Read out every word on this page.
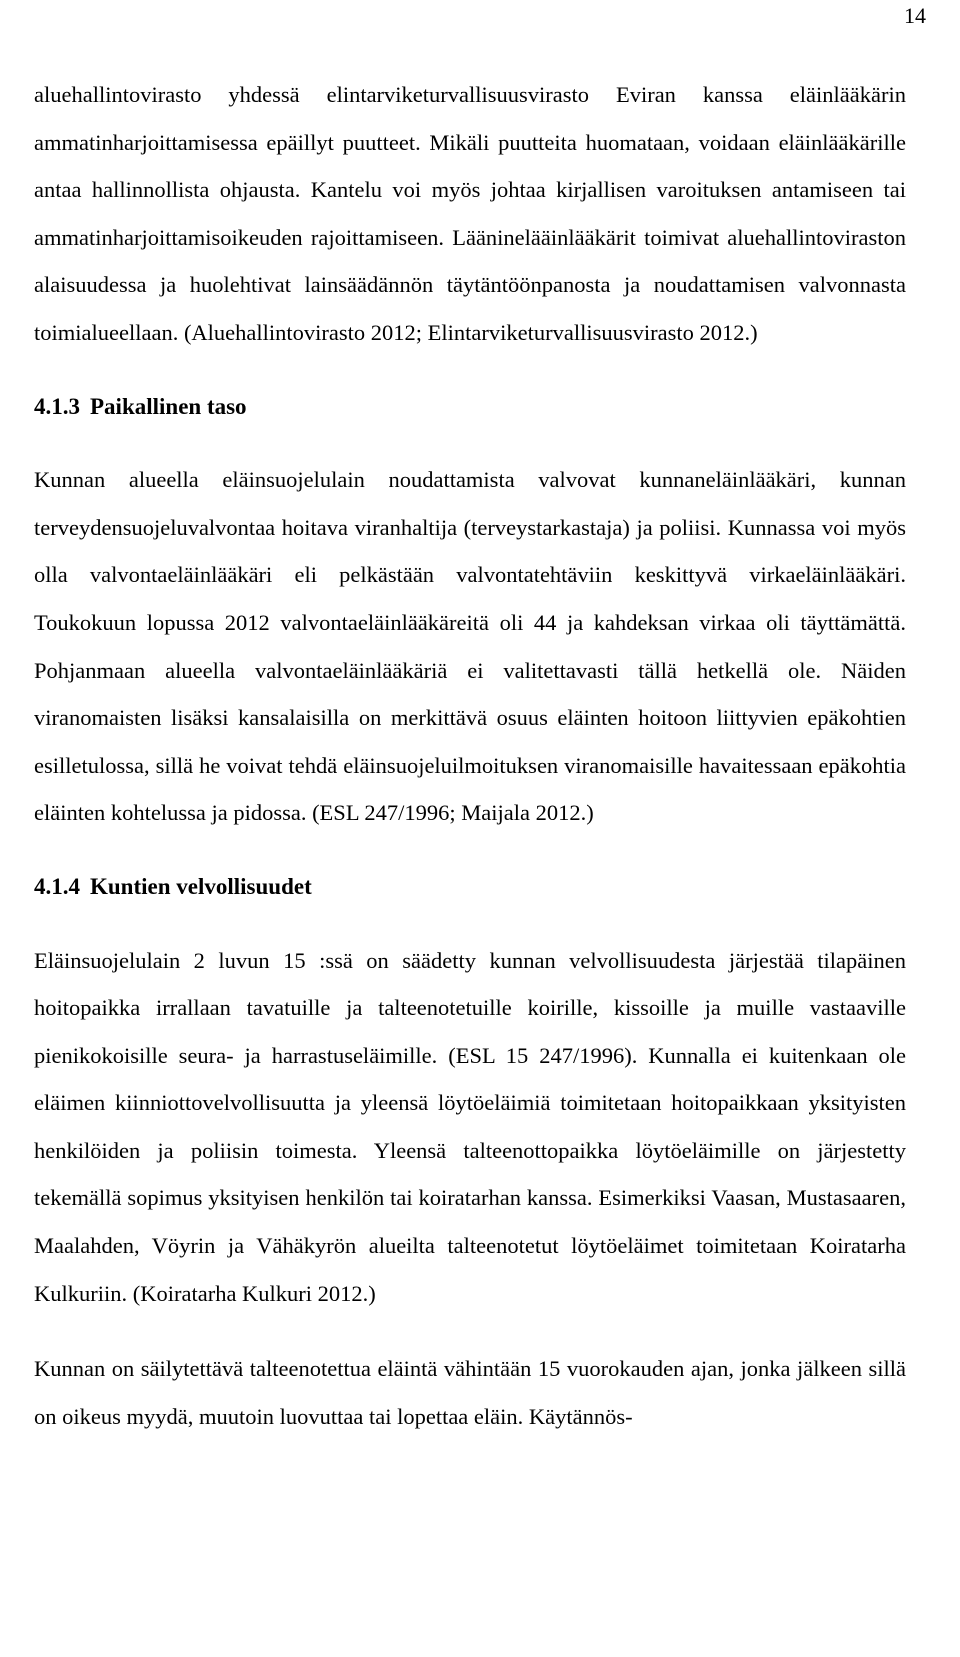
14

aluehallintovirasto yhdessä elintarviketurvallisuusvirasto Eviran kanssa eläinlääkärin ammatinharjoittamisessa epäillyt puutteet. Mikäli puutteita huomataan, voidaan eläinlääkärille antaa hallinnollista ohjausta. Kantelu voi myös johtaa kirjallisen varoituksen antamiseen tai ammatinharjoittamisoikeuden rajoittamiseen. Lääninelääinlääkärit toimivat aluehallintoviraston alaisuudessa ja huolehtivat lainsäädännön täytäntöönpanosta ja noudattamisen valvonnasta toimialueellaan. (Aluehallintovirasto 2012; Elintarviketurvallisuusvirasto 2012.)

4.1.3 Paikallinen taso

Kunnan alueella eläinsuojelulain noudattamista valvovat kunnaneläinlääkäri, kunnan terveydensuojeluvalvontaa hoitava viranhaltija (terveystarkastaja) ja poliisi. Kunnassa voi myös olla valvontaeläinlääkäri eli pelkästään valvontatehtäviin keskittyvä virkaeläinlääkäri. Toukokuun lopussa 2012 valvontaeläinlääkäreitä oli 44 ja kahdeksan virkaa oli täyttämättä. Pohjanmaan alueella valvontaeläinlääkäriä ei valitettavasti tällä hetkellä ole. Näiden viranomaisten lisäksi kansalaisilla on merkittävä osuus eläinten hoitoon liittyvien epäkohtien esilletulossa, sillä he voivat tehdä eläinsuojeluilmoituksen viranomaisille havaitessaan epäkohtia eläinten kohtelussa ja pidossa. (ESL 247/1996; Maijala 2012.)

4.1.4 Kuntien velvollisuudet

Eläinsuojelulain 2 luvun 15 :ssä on säädetty kunnan velvollisuudesta järjestää tilapäinen hoitopaikka irrallaan tavatuille ja talteenotetuille koirille, kissoille ja muille vastaaville pienikokoisille seura- ja harrastuseläimille. (ESL 15 247/1996). Kunnalla ei kuitenkaan ole eläimen kiinniottovelvollisuutta ja yleensä löytöeläimiä toimitetaan hoitopaikkaan yksityisten henkilöiden ja poliisin toimesta. Yleensä talteenottopaikka löytöeläimille on järjestetty tekemällä sopimus yksityisen henkilön tai koiratarhan kanssa. Esimerkiksi Vaasan, Mustasaaren, Maalahden, Vöyrin ja Vähäkyrön alueilta talteenotetut löytöeläimet toimitetaan Koiratarha Kulkuriin. (Koiratarha Kulkuri 2012.)

Kunnan on säilytettävä talteenotettua eläintä vähintään 15 vuorokauden ajan, jonka jälkeen sillä on oikeus myydä, muutoin luovuttaa tai lopettaa eläin. Käytännös-
